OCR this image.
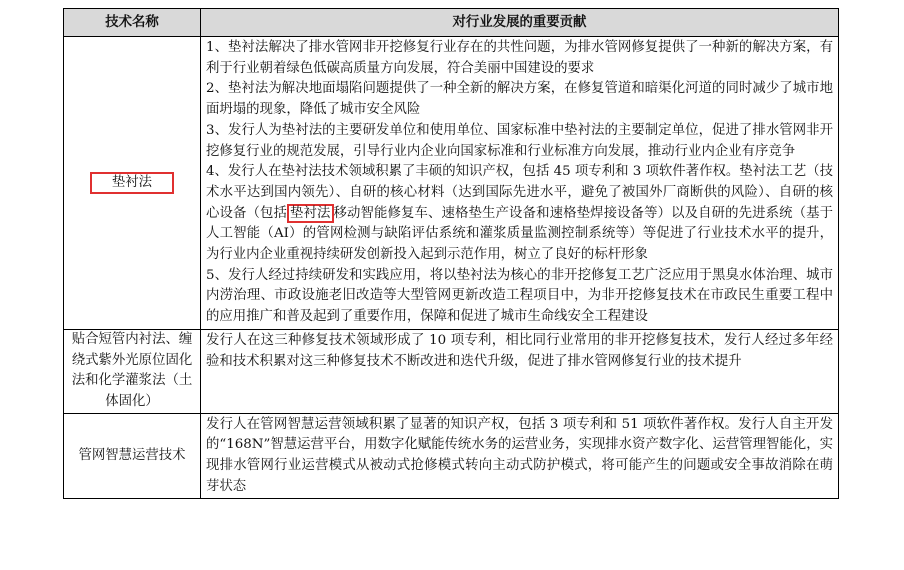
技术名称	对行业发展的重要贡献
垫衬法	1、垫衬法解决了排水管网非开挖修复行业存在的共性问题，为排水管网修复提供了一种新的解决方案，有利于行业朝着绿色低碳高质量方向发展，符合美丽中国建设的要求
2、垫衬法为解决地面塌陷问题提供了一种全新的解决方案，在修复管道和暗渠化河道的同时减少了城市地面坍塌的现象，降低了城市安全风险
3、发行人为垫衬法的主要研发单位和使用单位、国家标准中垫衬法的主要制定单位，促进了排水管网非开挖修复行业的规范发展，引导行业内企业向国家标准和行业标准方向发展，推动行业内企业有序竞争
4、发行人在垫衬法技术领域积累了丰硕的知识产权，包括 45 项专利和 3 项软件著作权。垫衬法工艺（技术水平达到国内领先）、自研的核心材料（达到国际先进水平，避免了被国外厂商断供的风险）、自研的核心设备（包括 垫衬法 移动智能修复车、速格垫生产设备和速格垫焊接设备等）以及自研的先进系统（基于人工智能（AI）的管网检测与缺陷评估系统和灌浆质量监测控制系统等）等促进了行业技术水平的提升，为行业内企业重视持续研发创新投入起到示范作用，树立了良好的标杆形象
5、发行人经过持续研发和实践应用，将以垫衬法为核心的非开挖修复工艺广泛应用于黑臭水体治理、城市内涝治理、市政设施老旧改造等大型管网更新改造工程项目中，为非开挖修复技术在市政民生重要工程中的应用推广和普及起到了重要作用，保障和促进了城市生命线安全工程建设

贴合短管内衬法、缠绕式紫外光原位固化法和化学灌浆法（土体固化）	发行人在这三种修复技术领域形成了 10 项专利，相比同行业常用的非开挖修复技术，发行人经过多年经验和技术积累对这三种修复技术不断改进和迭代升级，促进了排水管网修复行业的技术提升

管网智慧运营技术	发行人在管网智慧运营领域积累了显著的知识产权，包括 3 项专利和 51 项软件著作权。发行人自主开发的“168N”智慧运营平台，用数字化赋能传统水务的运营业务，实现排水资产数字化、运营管理智能化，实现排水管网行业运营模式从被动式抢修模式转向主动式防护模式，将可能产生的问题或安全事故消除在萌芽状态
